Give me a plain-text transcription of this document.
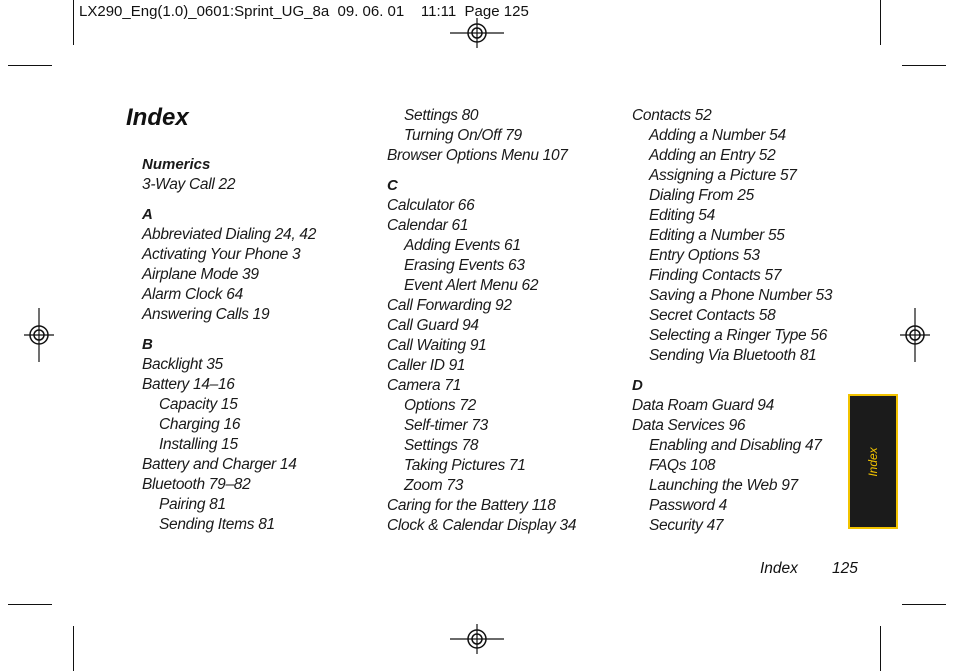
LX290_Eng(1.0)_0601:Sprint_UG_8a  09. 06. 01    11:11  Page 125
Index
Numerics
3-Way Call 22
A
Abbreviated Dialing 24, 42
Activating Your Phone 3
Airplane Mode 39
Alarm Clock 64
Answering Calls 19
B
Backlight 35
Battery 14–16
Capacity 15
Charging 16
Installing 15
Battery and Charger 14
Bluetooth 79–82
Pairing 81
Sending Items 81
Settings 80
Turning On/Off 79
Browser Options Menu 107
C
Calculator 66
Calendar 61
Adding Events 61
Erasing Events 63
Event Alert Menu 62
Call Forwarding 92
Call Guard 94
Call Waiting 91
Caller ID 91
Camera 71
Options 72
Self-timer 73
Settings 78
Taking Pictures 71
Zoom 73
Caring for the Battery 118
Clock & Calendar Display 34
Contacts 52
Adding a Number 54
Adding an Entry 52
Assigning a Picture 57
Dialing From 25
Editing 54
Editing a Number 55
Entry Options 53
Finding Contacts 57
Saving a Phone Number 53
Secret Contacts 58
Selecting a Ringer Type 56
Sending Via Bluetooth 81
D
Data Roam Guard 94
Data Services 96
Enabling and Disabling 47
FAQs 108
Launching the Web 97
Password 4
Security 47
Index
Index 125
